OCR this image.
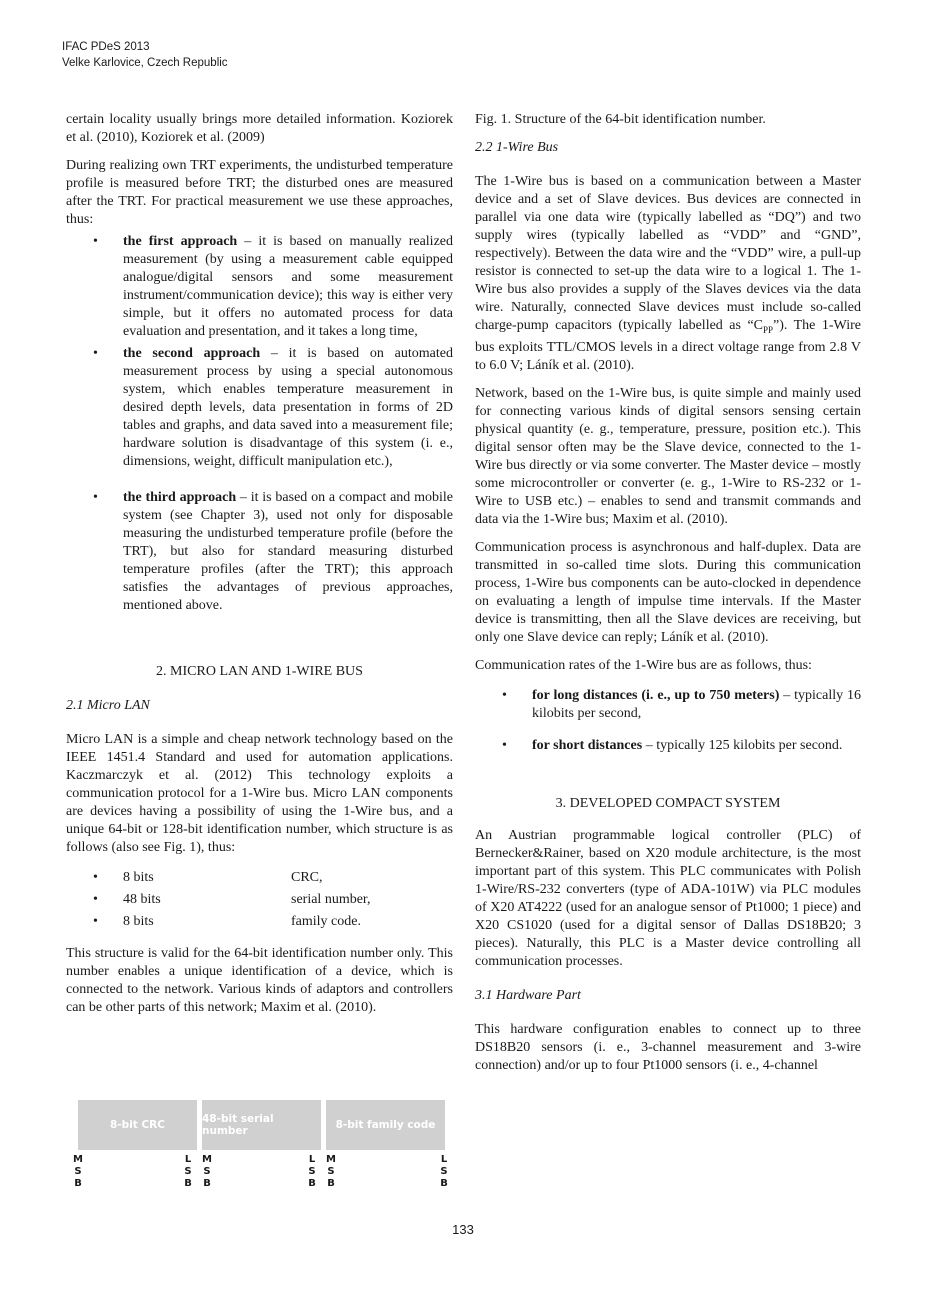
IFAC PDeS 2013
Velke Karlovice, Czech Republic

certain locality usually brings more detailed information. Koziorek et al. (2010), Koziorek et al. (2009)

During realizing own TRT experiments, the undisturbed temperature profile is measured before TRT; the disturbed ones are measured after the TRT. For practical measurement we use these approaches, thus:

• the first approach – it is based on manually realized measurement (by using a measurement cable equipped analogue/digital sensors and some measurement instrument/communication device); this way is either very simple, but it offers no automated process for data evaluation and presentation, and it takes a long time,
• the second approach – it is based on automated measurement process by using a special autonomous system, which enables temperature measurement in desired depth levels, data presentation in forms of 2D tables and graphs, and data saved into a measurement file; hardware solution is disadvantage of this system (i. e., dimensions, weight, difficult manipulation etc.),
• the third approach – it is based on a compact and mobile system (see Chapter 3), used not only for disposable measuring the undisturbed temperature profile (before the TRT), but also for standard measuring disturbed temperature profiles (after the TRT); this approach satisfies the advantages of previous approaches, mentioned above.
2. MICRO LAN AND 1-WIRE BUS
2.1 Micro LAN

Micro LAN is a simple and cheap network technology based on the IEEE 1451.4 Standard and used for automation applications. Kaczmarczyk et al. (2012) This technology exploits a communication protocol for a 1-Wire bus. Micro LAN components are devices having a possibility of using the 1-Wire bus, and a unique 64-bit or 128-bit identification number, which structure is as follows (also see Fig. 1), thus:

• 8 bits	CRC,
• 48 bits	serial number,
• 8 bits	family code.

This structure is valid for the 64-bit identification number only. This number enables a unique identification of a device, which is connected to the network. Various kinds of adaptors and controllers can be other parts of this network; Maxim et al. (2010).

8-bit CRC	48-bit serial number	8-bit family code
M
S
B
L
S
B
M
S
B
L
S
B
M
S
B
L
S
B
Fig. 1. Structure of the 64-bit identification number.
2.2 1-Wire Bus

The 1-Wire bus is based on a communication between a Master device and a set of Slave devices. Bus devices are connected in parallel via one data wire (typically labelled as “DQ”) and two supply wires (typically labelled as “VDD” and “GND”, respectively). Between the data wire and the “VDD” wire, a pull-up resistor is connected to set-up the data wire to a logical 1. The 1-Wire bus also provides a supply of the Slaves devices via the data wire. Naturally, connected Slave devices must include so-called charge-pump capacitors (typically labelled as “$C_{PP}$”). The 1-Wire bus exploits TTL/CMOS levels in a direct voltage range from 2.8 V to 6.0 V; Láník et al. (2010).

Network, based on the 1-Wire bus, is quite simple and mainly used for connecting various kinds of digital sensors sensing certain physical quantity (e. g., temperature, pressure, position etc.). This digital sensor often may be the Slave device, connected to the 1-Wire bus directly or via some converter. The Master device – mostly some microcontroller or converter (e. g., 1-Wire to RS-232 or 1-Wire to USB etc.) – enables to send and transmit commands and data via the 1-Wire bus; Maxim et al. (2010).

Communication process is asynchronous and half-duplex. Data are transmitted in so-called time slots. During this communication process, 1-Wire bus components can be auto-clocked in dependence on evaluating a length of impulse time intervals. If the Master device is transmitting, then all the Slave devices are receiving, but only one Slave device can reply; Láník et al. (2010).

Communication rates of the 1-Wire bus are as follows, thus:

• for long distances (i. e., up to 750 meters) – typically 16 kilobits per second,
• for short distances – typically 125 kilobits per second.
3. DEVELOPED COMPACT SYSTEM

An Austrian programmable logical controller (PLC) of Bernecker&Rainer, based on X20 module architecture, is the most important part of this system. This PLC communicates with Polish 1-Wire/RS-232 converters (type of ADA-101W) via PLC modules of X20 AT4222 (used for an analogue sensor of Pt1000; 1 piece) and X20 CS1020 (used for a digital sensor of Dallas DS18B20; 3 pieces). Naturally, this PLC is a Master device controlling all communication processes.

3.1 Hardware Part

This hardware configuration enables to connect up to three DS18B20 sensors (i. e., 3-channel measurement and 3-wire connection) and/or up to four Pt1000 sensors (i. e., 4-channel

133
